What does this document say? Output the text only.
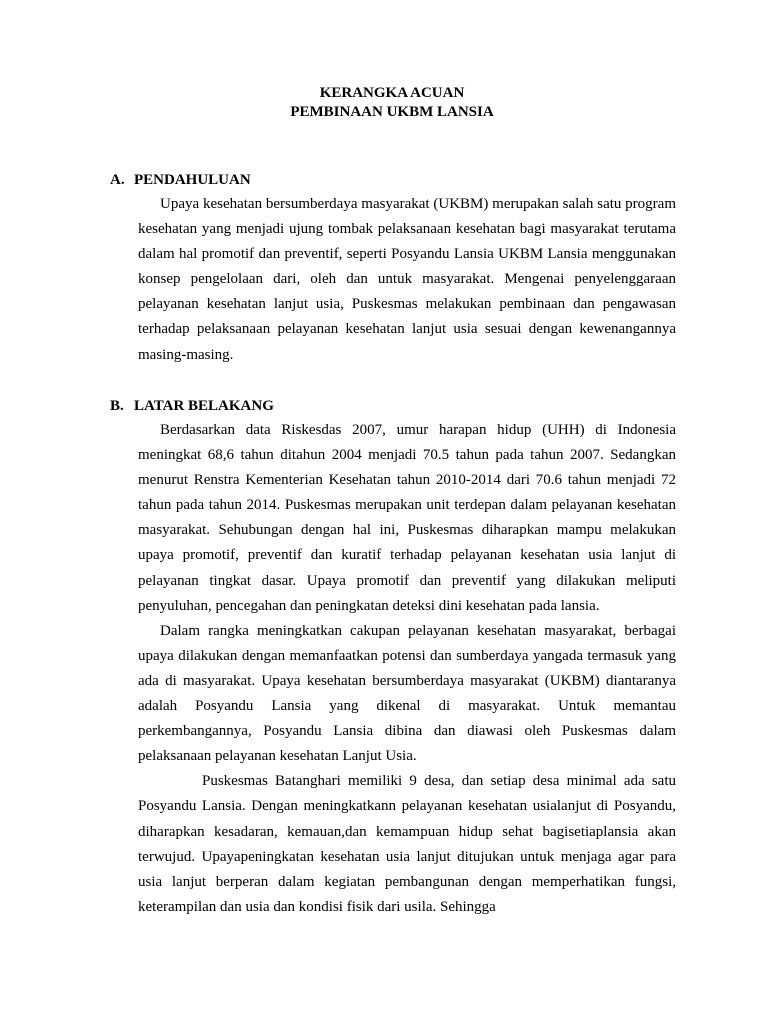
KERANGKA ACUAN
PEMBINAAN UKBM LANSIA
A. PENDAHULUAN

Upaya kesehatan bersumberdaya masyarakat (UKBM) merupakan salah satu program kesehatan yang menjadi ujung tombak pelaksanaan kesehatan bagi masyarakat terutama dalam hal promotif dan preventif, seperti Posyandu Lansia UKBM Lansia menggunakan konsep pengelolaan dari, oleh dan untuk masyarakat. Mengenai penyelenggaraan pelayanan kesehatan lanjut usia, Puskesmas melakukan pembinaan dan pengawasan terhadap pelaksanaan pelayanan kesehatan lanjut usia sesuai dengan kewenangannya masing-masing.

B. LATAR BELAKANG

Berdasarkan data Riskesdas 2007, umur harapan hidup (UHH) di Indonesia meningkat 68,6 tahun ditahun 2004 menjadi 70.5 tahun pada tahun 2007. Sedangkan menurut Renstra Kementerian Kesehatan tahun 2010-2014 dari 70.6 tahun menjadi 72 tahun pada tahun 2014. Puskesmas merupakan unit terdepan dalam pelayanan kesehatan masyarakat. Sehubungan dengan hal ini, Puskesmas diharapkan mampu melakukan upaya promotif, preventif dan kuratif terhadap pelayanan kesehatan usia lanjut di pelayanan tingkat dasar. Upaya promotif dan preventif yang dilakukan meliputi penyuluhan, pencegahan dan peningkatan deteksi dini kesehatan pada lansia.

Dalam rangka meningkatkan cakupan pelayanan kesehatan masyarakat, berbagai upaya dilakukan dengan memanfaatkan potensi dan sumberdaya yangada termasuk yang ada di masyarakat. Upaya kesehatan bersumberdaya masyarakat (UKBM) diantaranya adalah Posyandu Lansia yang dikenal di masyarakat. Untuk memantau perkembangannya, Posyandu Lansia dibina dan diawasi oleh Puskesmas dalam pelaksanaan pelayanan kesehatan Lanjut Usia.

Puskesmas Batanghari memiliki 9 desa, dan setiap desa minimal ada satu Posyandu Lansia. Dengan meningkatkann pelayanan kesehatan usialanjut di Posyandu, diharapkan kesadaran, kemauan,dan kemampuan hidup sehat bagisetiaplansia akan terwujud. Upayapeningkatan kesehatan usia lanjut ditujukan untuk menjaga agar para usia lanjut berperan dalam kegiatan pembangunan dengan memperhatikan fungsi, keterampilan dan usia dan kondisi fisik dari usila. Sehingga
